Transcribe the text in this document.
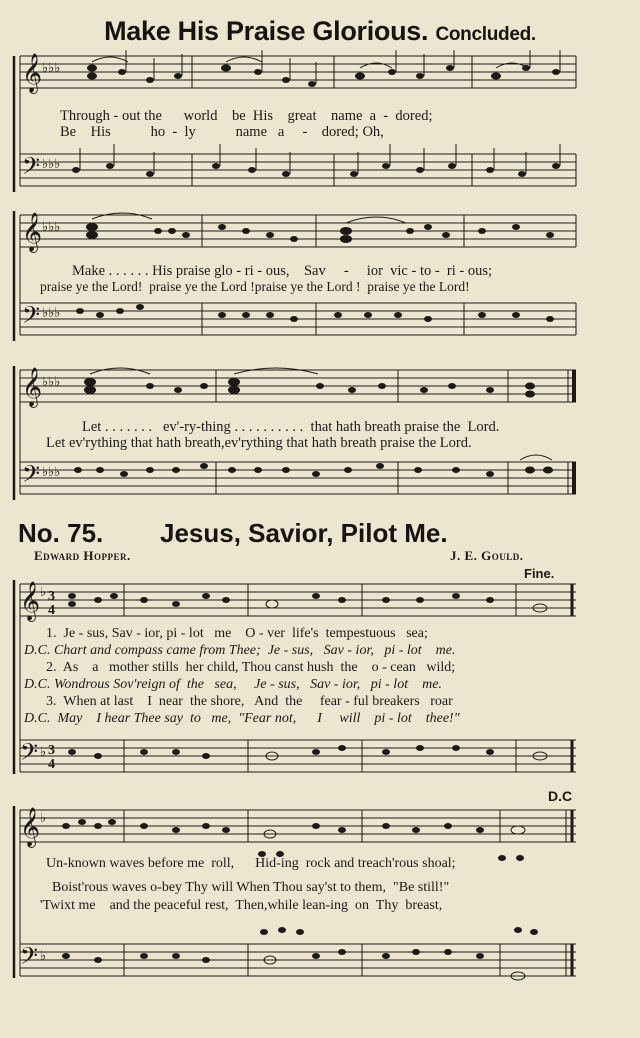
Make His Praise Glorious. Concluded.
𝄞 ♭♭♭
𝄢 ♭♭♭
Through - out the      world    be  His    great    name  a  -  dored;
Be    His           ho  -  ly           name   a     -    dored; Oh,
𝄞 ♭♭♭
𝄢 ♭♭♭
Make . . . . . . His praise glo - ri - ous,    Sav     -     ior  vic - to -  ri - ous;
praise ye the Lord!  praise ye the Lord !praise ye the Lord !  praise ye the Lord!
𝄞 ♭♭♭
𝄢 ♭♭♭
Let . . . . . . .   ev'-ry-thing . . . . . . . . . .  that hath breath praise the  Lord.
Let ev'rything that hath breath,ev'rything that hath breath praise the Lord.
No. 75. Jesus, Savior, Pilot Me.
Edward Hopper.	J. E. Gould.
Fine.
𝄞 ♭ 3
4
𝄢 ♭ 3
4
1.  Je - sus, Sav - ior, pi - lot   me    O - ver  life's  tempestuous   sea;
D.C. Chart and compass came from Thee;  Je - sus,   Sav - ior,   pi - lot    me.
2.  As    a   mother stills  her child, Thou canst hush  the    o - cean   wild;
D.C. Wondrous Sov'reign of  the   sea,     Je - sus,   Sav - ior,   pi - lot    me.
3.  When at last    I  near  the shore,   And  the     fear - ful breakers   roar
D.C.  May    I hear Thee say  to   me,  "Fear not,      I     will    pi - lot    thee!"
D.C
𝄞 ♭
𝄢 ♭
Un-known waves before me  roll,      Hid-ing  rock and treach'rous shoal;
Boist'rous waves o-bey Thy will When Thou say'st to them,  "Be still!"
'Twixt me    and the peaceful rest,  Then,while lean-ing  on  Thy  breast,
